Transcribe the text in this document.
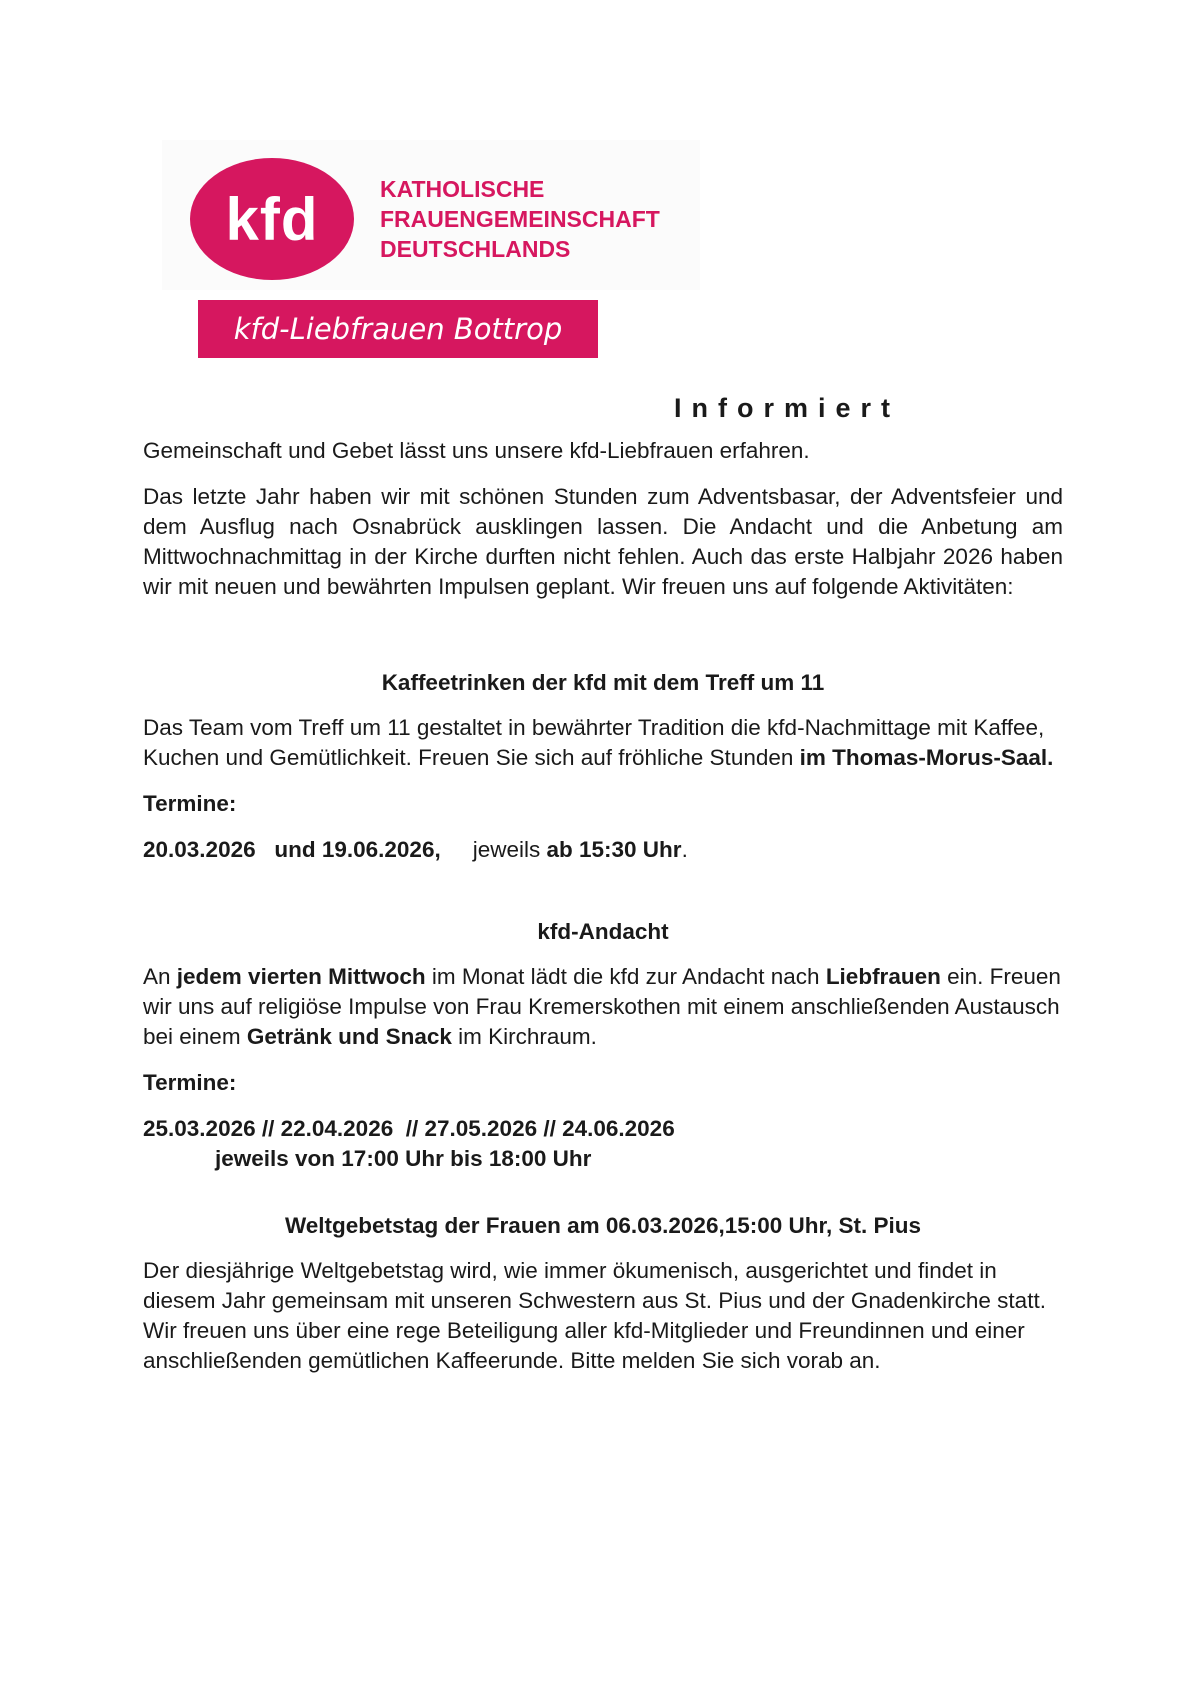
kfd	KATHOLISCHE
FRAUENGEMEINSCHAFT
DEUTSCHLANDS
kfd-Liebfrauen Bottrop
Informiert

Gemeinschaft und Gebet lässt uns unsere kfd-Liebfrauen erfahren.

Das letzte Jahr haben wir mit schönen Stunden zum Adventsbasar, der Adventsfeier und dem Ausflug nach Osnabrück ausklingen lassen. Die Andacht und die Anbetung am Mittwochnachmittag in der Kirche durften nicht fehlen. Auch das erste Halbjahr 2026 haben wir mit neuen und bewährten Impulsen geplant. Wir freuen uns auf folgende Aktivitäten:

Kaffeetrinken der kfd mit dem Treff um 11

Das Team vom Treff um 11 gestaltet in bewährter Tradition die kfd-Nachmittage mit Kaffee, Kuchen und Gemütlichkeit. Freuen Sie sich auf fröhliche Stunden im Thomas-Morus-Saal.

Termine:

20.03.2026   und 19.06.2026, jeweils ab 15:30 Uhr.

kfd-Andacht

An jedem vierten Mittwoch im Monat lädt die kfd zur Andacht nach Liebfrauen ein. Freuen wir uns auf religiöse Impulse von Frau Kremerskothen mit einem anschließenden Austausch bei einem Getränk und Snack im Kirchraum.

Termine:

25.03.2026 // 22.04.2026  // 27.05.2026 // 24.06.2026

jeweils von 17:00 Uhr bis 18:00 Uhr

Weltgebetstag der Frauen am 06.03.2026,15:00 Uhr, St. Pius

Der diesjährige Weltgebetstag wird, wie immer ökumenisch, ausgerichtet und findet in diesem Jahr gemeinsam mit unseren Schwestern aus St. Pius und der Gnadenkirche statt. Wir freuen uns über eine rege Beteiligung aller kfd-Mitglieder und Freundinnen und einer anschließenden gemütlichen Kaffeerunde. Bitte melden Sie sich vorab an.
